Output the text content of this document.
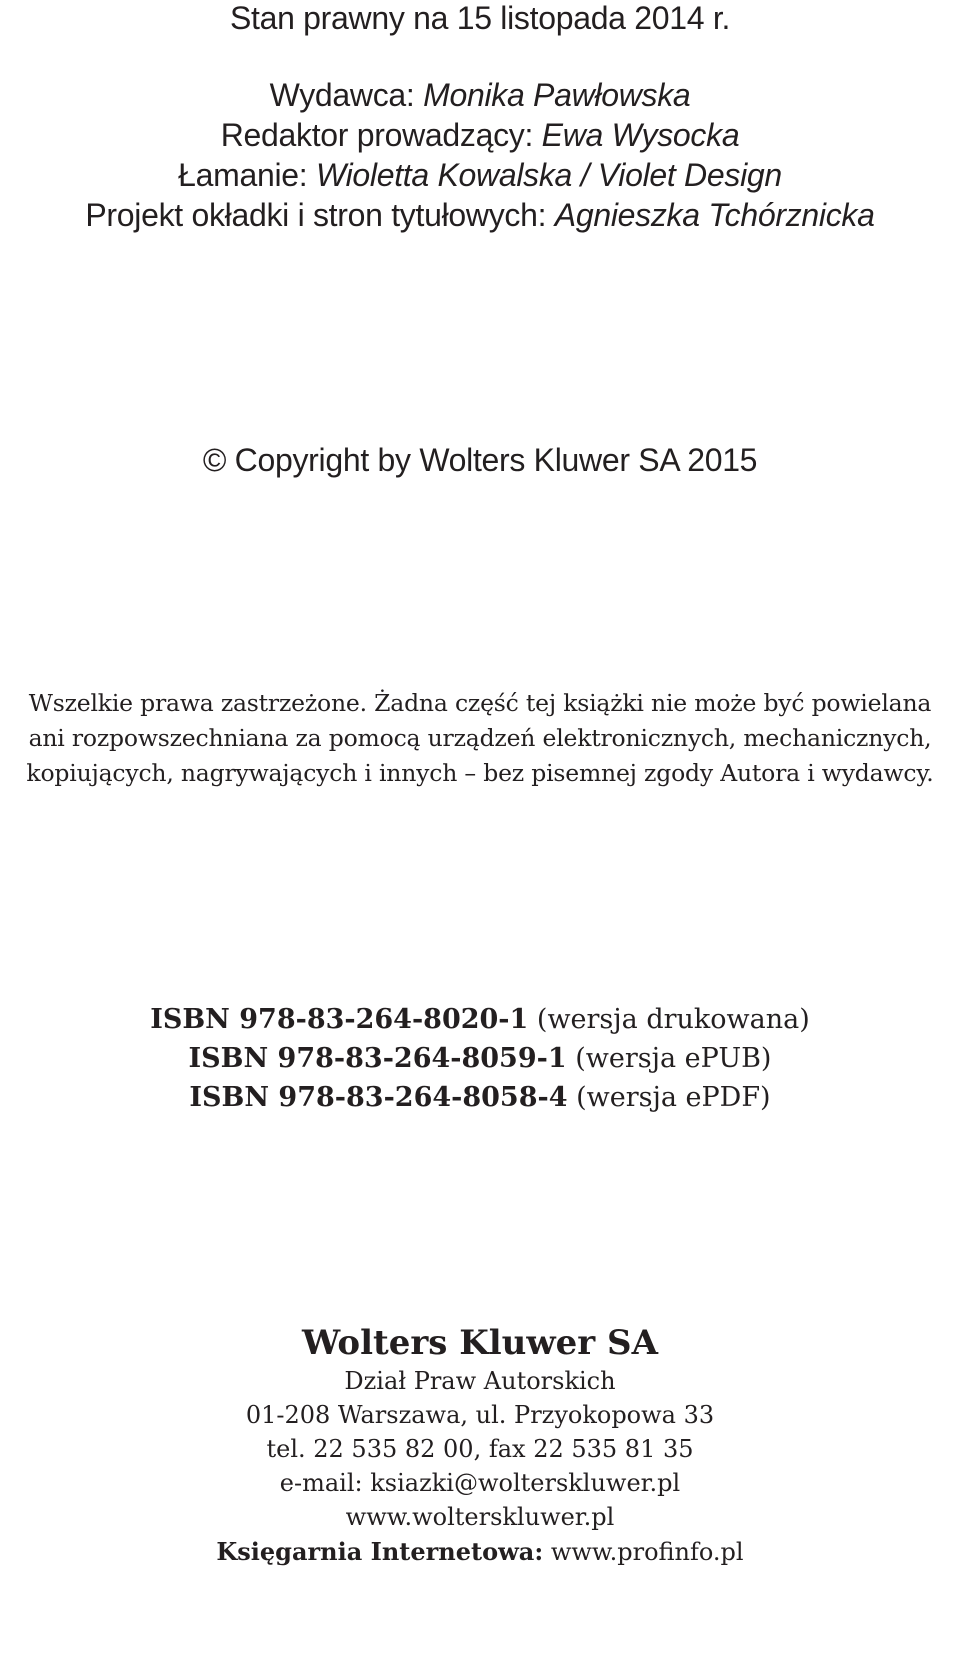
Stan prawny na 15 listopada 2014 r.
Wydawca: Monika Pawłowska
Redaktor prowadzący: Ewa Wysocka
Łamanie: Wioletta Kowalska / Violet Design
Projekt okładki i stron tytułowych: Agnieszka Tchórznicka
© Copyright by Wolters Kluwer SA 2015
Wszelkie prawa zastrzeżone. Żadna część tej książki nie może być powielana
ani rozpowszechniana za pomocą urządzeń elektronicznych, mechanicznych,
kopiujących, nagrywających i innych – bez pisemnej zgody Autora i wydawcy.
ISBN 978-83-264-8020-1 (wersja drukowana)
ISBN 978-83-264-8059-1 (wersja ePUB)
ISBN 978-83-264-8058-4 (wersja ePDF)
Wolters Kluwer SA
Dział Praw Autorskich
01-208 Warszawa, ul. Przyokopowa 33
tel. 22 535 82 00, fax 22 535 81 35
e-mail: ksiazki@wolterskluwer.pl
www.wolterskluwer.pl
Księgarnia Internetowa: www.profinfo.pl
